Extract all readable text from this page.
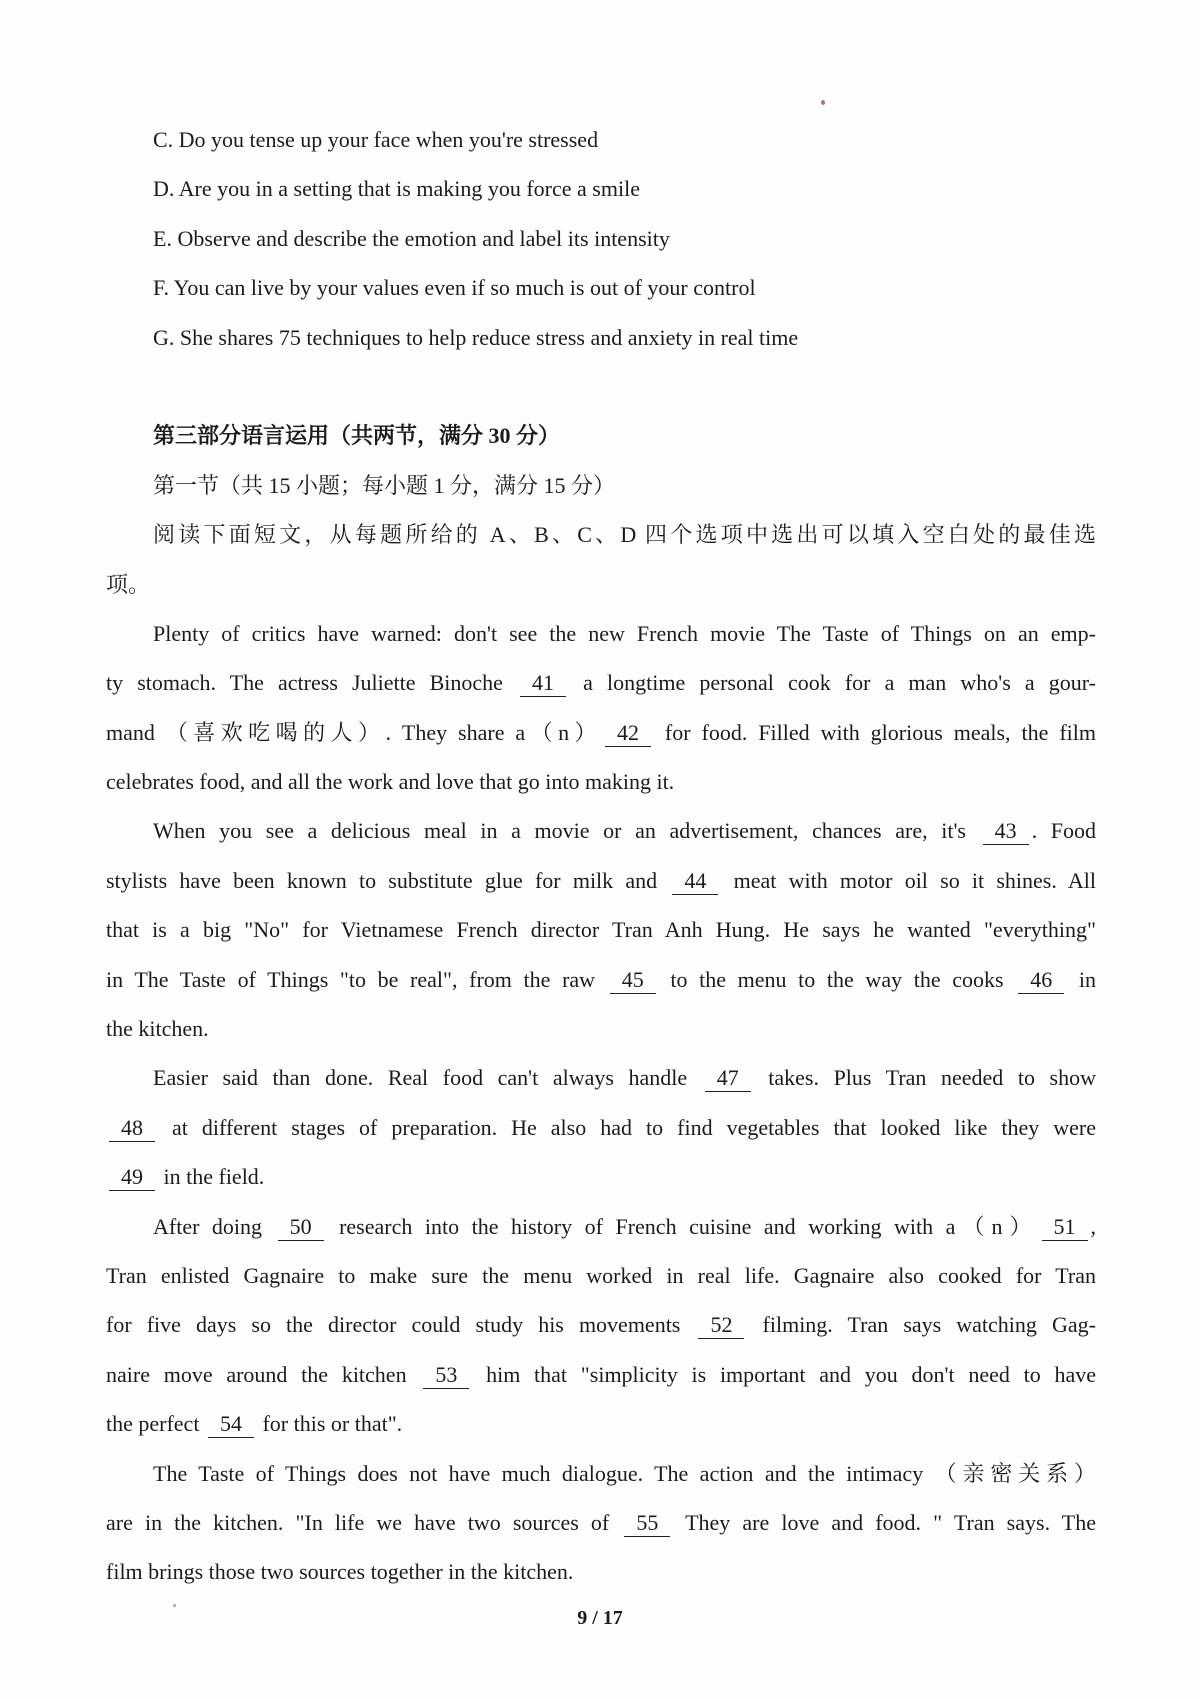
C. Do you tense up your face when you're stressed
D. Are you in a setting that is making you force a smile
E. Observe and describe the emotion and label its intensity
F. You can live by your values even if so much is out of your control
G. She shares 75 techniques to help reduce stress and anxiety in real time
第三部分语言运用（共两节，满分 30 分）
第一节（共 15 小题；每小题 1 分，满分 15 分）
阅读下面短文，从每题所给的 A、B、C、D 四个选项中选出可以填入空白处的最佳选
项。
Plenty of critics have warned: don't see the new French movie The Taste of Things on an emp-
ty stomach. The actress Juliette Binoche 41 a longtime personal cook for a man who's a gour-
mand （喜欢吃喝的人）. They share a（n） 42 for food. Filled with glorious meals, the film
celebrates food, and all the work and love that go into making it.
When you see a delicious meal in a movie or an advertisement, chances are, it's 43 . Food
stylists have been known to substitute glue for milk and 44 meat with motor oil so it shines. All
that is a big "No" for Vietnamese French director Tran Anh Hung. He says he wanted "everything"
in The Taste of Things "to be real", from the raw 45 to the menu to the way the cooks 46 in
the kitchen.
Easier said than done. Real food can't always handle 47 takes. Plus Tran needed to show
48 at different stages of preparation. He also had to find vegetables that looked like they were
49 in the field.
After doing 50 research into the history of French cuisine and working with a（n） 51 ,
Tran enlisted Gagnaire to make sure the menu worked in real life. Gagnaire also cooked for Tran
for five days so the director could study his movements 52 filming. Tran says watching Gag-
naire move around the kitchen 53 him that "simplicity is important and you don't need to have
the perfect 54 for this or that".
The Taste of Things does not have much dialogue. The action and the intimacy （亲密关系）
are in the kitchen. "In life we have two sources of 55 They are love and food. " Tran says. The
film brings those two sources together in the kitchen.
9 / 17
